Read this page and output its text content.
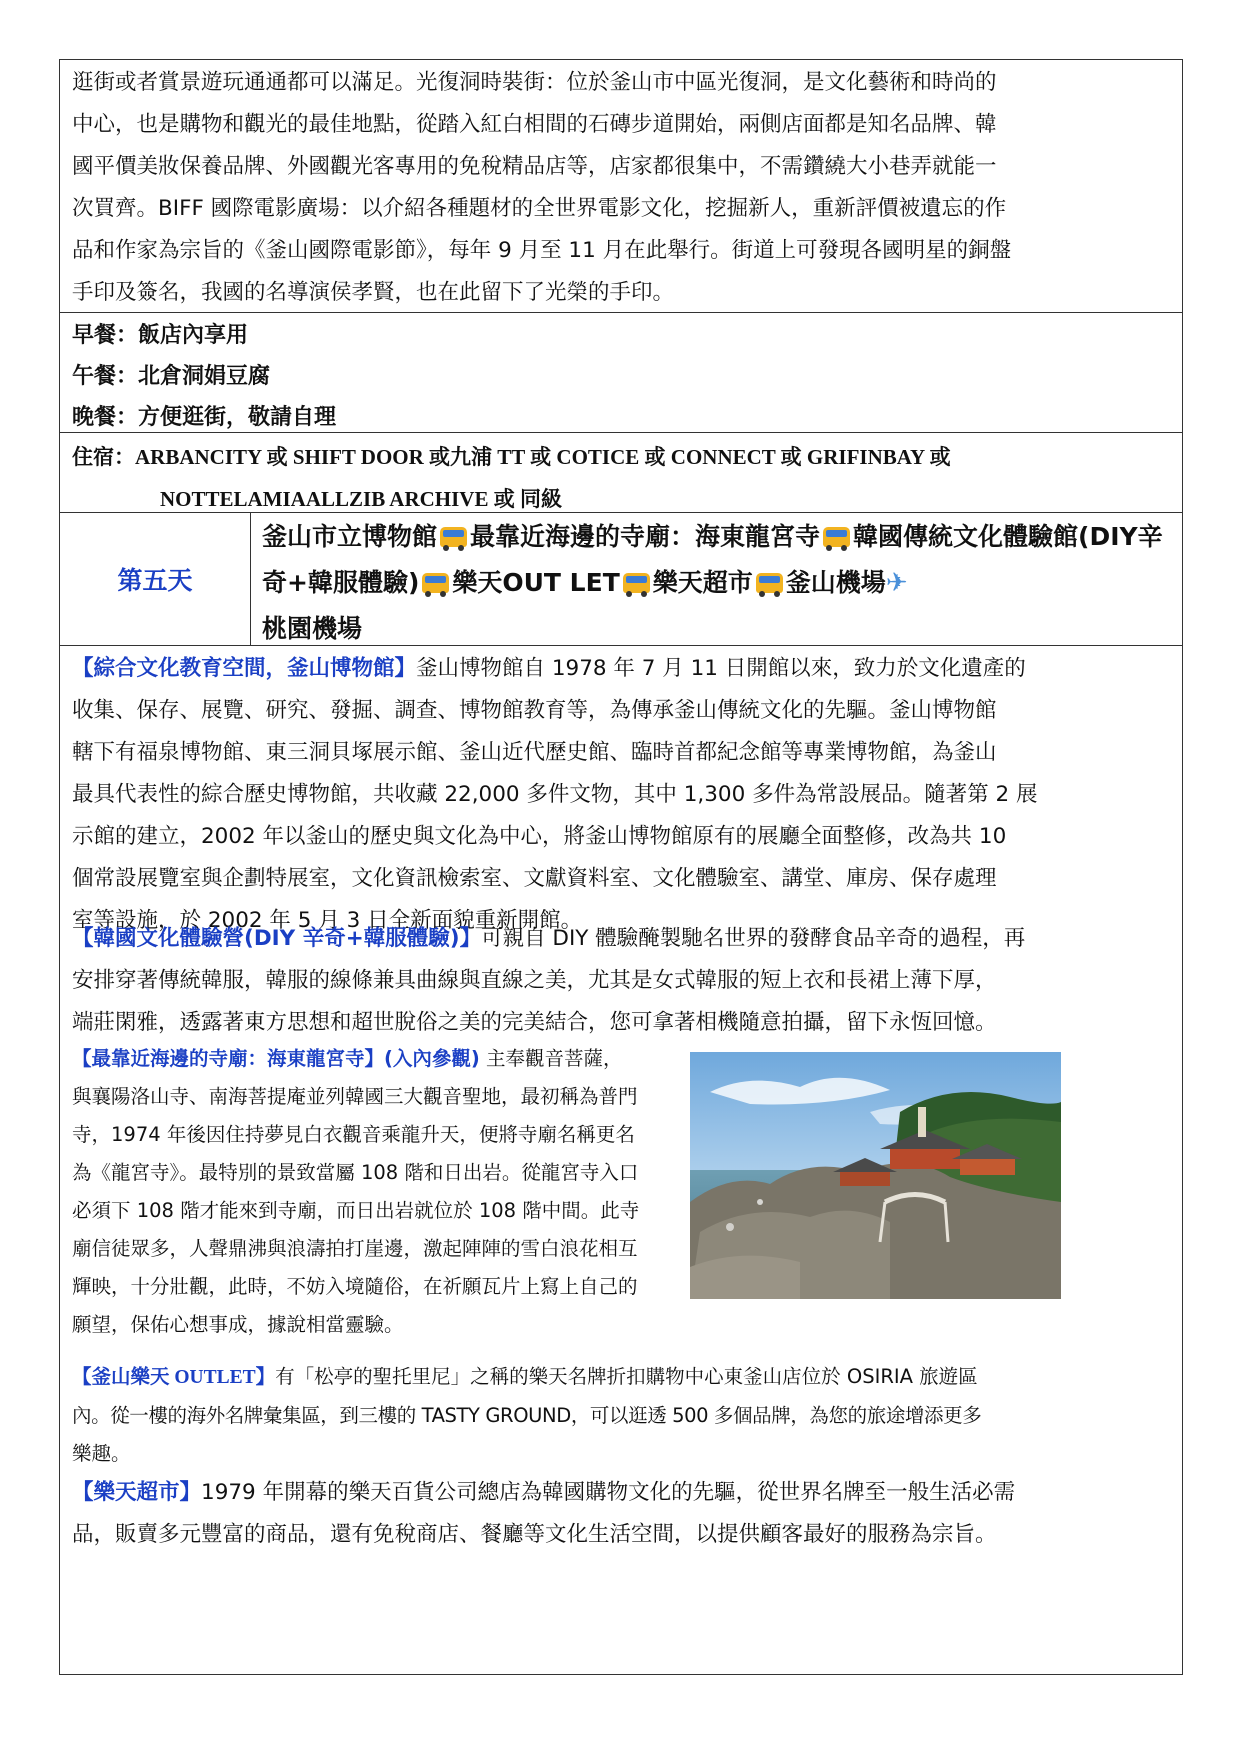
逛街或者賞景遊玩通通都可以滿足。光復洞時裝街：位於釜山市中區光復洞，是文化藝術和時尚的
中心，也是購物和觀光的最佳地點，從踏入紅白相間的石磚步道開始，兩側店面都是知名品牌、韓
國平價美妝保養品牌、外國觀光客專用的免稅精品店等，店家都很集中，不需鑽繞大小巷弄就能一
次買齊。BIFF 國際電影廣場：以介紹各種題材的全世界電影文化，挖掘新人，重新評價被遺忘的作
品和作家為宗旨的《釜山國際電影節》，每年 9 月至 11 月在此舉行。街道上可發現各國明星的銅盤
手印及簽名，我國的名導演侯孝賢，也在此留下了光榮的手印。
早餐：飯店內享用
午餐：北倉洞娟豆腐
晚餐：方便逛街，敬請自理
住宿：ARBANCITY 或 SHIFT DOOR 或九浦 TT 或 COTICE 或 CONNECT 或 GRIFINBAY 或
NOTTELAMIAALLZIB ARCHIVE 或 同級
第五天
釜山市立博物館 最靠近海邊的寺廟：海東龍宮寺 韓國傳統文化體驗館(DIY辛奇+韓服體驗) 樂天OUT LET 樂天超市 釜山機場✈
桃園機場
【綜合文化教育空間，釜山博物館】釜山博物館自 1978 年 7 月 11 日開館以來，致力於文化遺產的
收集、保存、展覽、研究、發掘、調查、博物館教育等，為傳承釜山傳統文化的先驅。釜山博物館
轄下有福泉博物館、東三洞貝塚展示館、釜山近代歷史館、臨時首都紀念館等專業博物館，為釜山
最具代表性的綜合歷史博物館，共收藏 22,000 多件文物，其中 1,300 多件為常設展品。隨著第 2 展
示館的建立，2002 年以釜山的歷史與文化為中心，將釜山博物館原有的展廳全面整修，改為共 10
個常設展覽室與企劃特展室，文化資訊檢索室、文獻資料室、文化體驗室、講堂、庫房、保存處理
室等設施，於 2002 年 5 月 3 日全新面貌重新開館。
【韓國文化體驗營(DIY 辛奇+韓服體驗)】可親自 DIY 體驗醃製馳名世界的發酵食品辛奇的過程，再
安排穿著傳統韓服，韓服的線條兼具曲線與直線之美，尤其是女式韓服的短上衣和長裙上薄下厚，
端莊閑雅，透露著東方思想和超世脫俗之美的完美結合，您可拿著相機隨意拍攝，留下永恆回憶。
【最靠近海邊的寺廟：海東龍宮寺】(入內參觀) 主奉觀音菩薩，
與襄陽洛山寺、南海菩提庵並列韓國三大觀音聖地，最初稱為普門
寺，1974 年後因住持夢見白衣觀音乘龍升天，便將寺廟名稱更名
為《龍宮寺》。最特別的景致當屬 108 階和日出岩。從龍宮寺入口
必須下 108 階才能來到寺廟，而日出岩就位於 108 階中間。此寺
廟信徒眾多，人聲鼎沸與浪濤拍打崖邊，激起陣陣的雪白浪花相互
輝映，十分壯觀，此時，不妨入境隨俗，在祈願瓦片上寫上自己的
願望，保佑心想事成，據說相當靈驗。
【釜山樂天 OUTLET】有「松亭的聖托里尼」之稱的樂天名牌折扣購物中心東釜山店位於 OSIRIA 旅遊區
內。從一樓的海外名牌彙集區，到三樓的 TASTY GROUND，可以逛透 500 多個品牌，為您的旅途增添更多
樂趣。
【樂天超市】1979 年開幕的樂天百貨公司總店為韓國購物文化的先驅，從世界名牌至一般生活必需
品，販賣多元豐富的商品，還有免稅商店、餐廳等文化生活空間，以提供顧客最好的服務為宗旨。
